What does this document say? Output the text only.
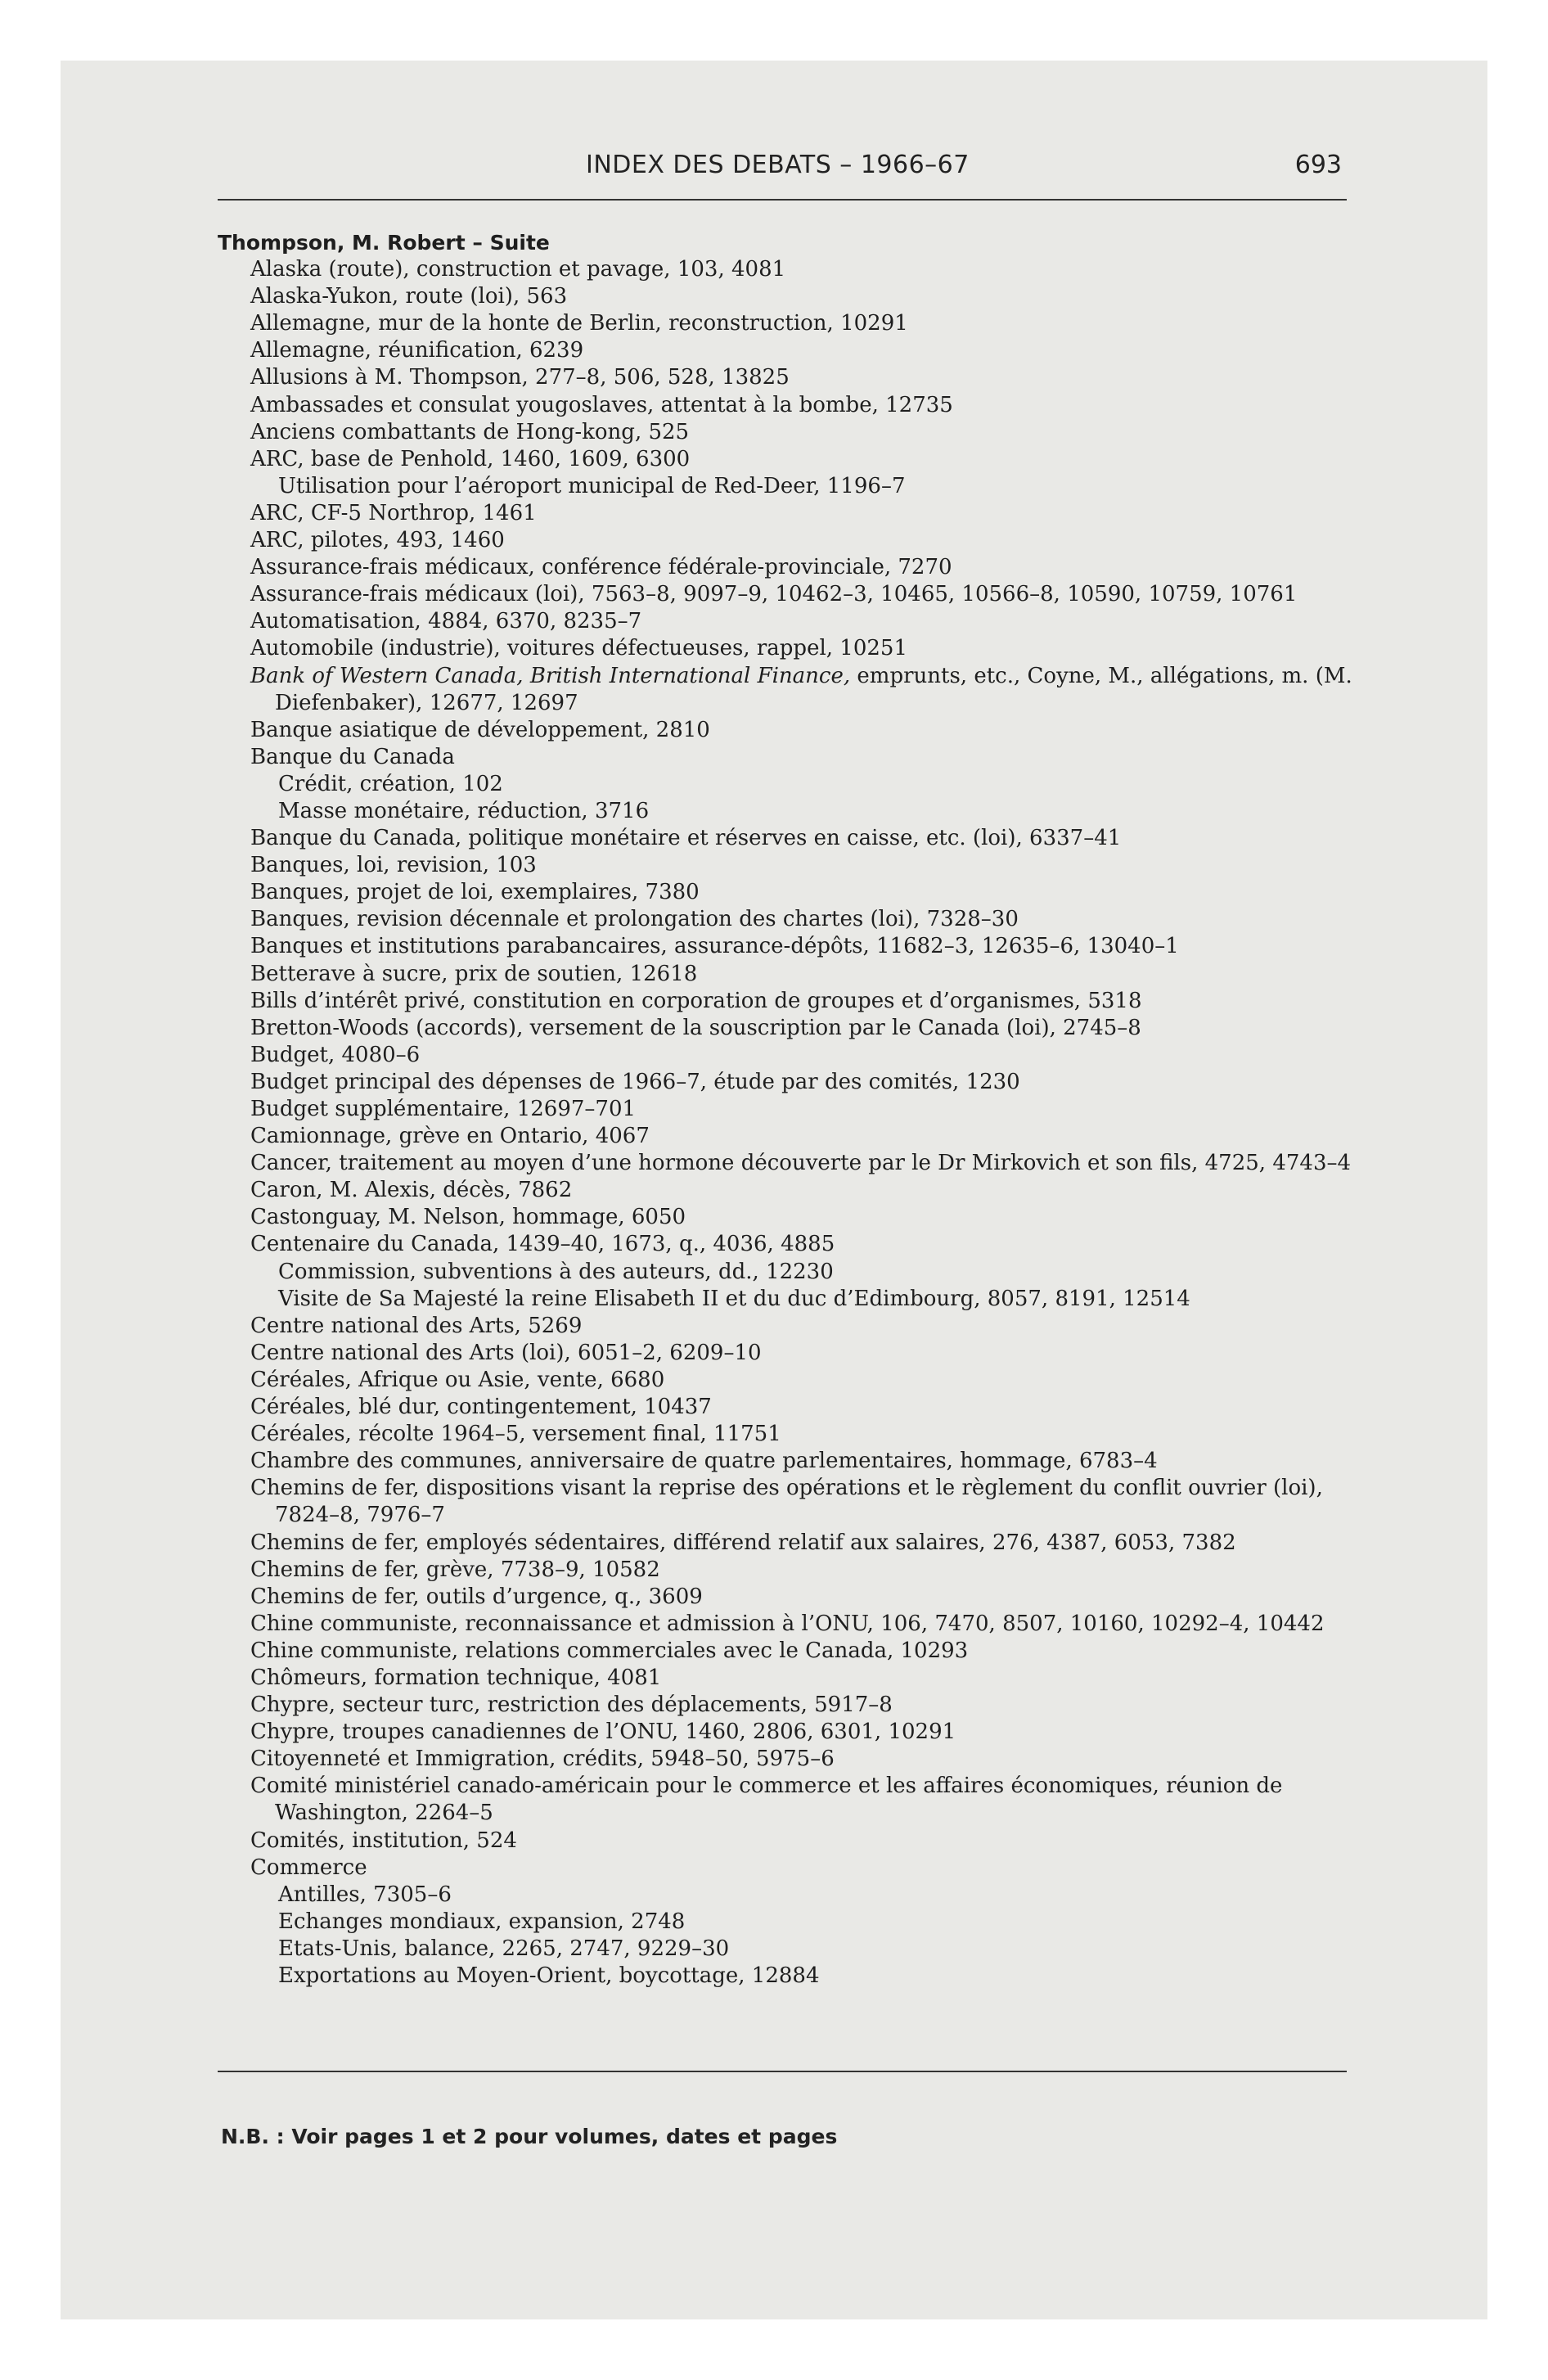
INDEX DES DEBATS – 1966–67	693
Thompson, M. Robert – Suite
Alaska (route), construction et pavage, 103, 4081
Alaska-Yukon, route (loi), 563
Allemagne, mur de la honte de Berlin, reconstruction, 10291
Allemagne, réunification, 6239
Allusions à M. Thompson, 277–8, 506, 528, 13825
Ambassades et consulat yougoslaves, attentat à la bombe, 12735
Anciens combattants de Hong-kong, 525
ARC, base de Penhold, 1460, 1609, 6300
Utilisation pour l’aéroport municipal de Red-Deer, 1196–7
ARC, CF-5 Northrop, 1461
ARC, pilotes, 493, 1460
Assurance-frais médicaux, conférence fédérale-provinciale, 7270
Assurance-frais médicaux (loi), 7563–8, 9097–9, 10462–3, 10465, 10566–8, 10590, 10759, 10761
Automatisation, 4884, 6370, 8235–7
Automobile (industrie), voitures défectueuses, rappel, 10251
Bank of Western Canada, British International Finance, emprunts, etc., Coyne, M., allégations, m. (M. Diefenbaker), 12677, 12697
Banque asiatique de développement, 2810
Banque du Canada
Crédit, création, 102
Masse monétaire, réduction, 3716
Banque du Canada, politique monétaire et réserves en caisse, etc. (loi), 6337–41
Banques, loi, revision, 103
Banques, projet de loi, exemplaires, 7380
Banques, revision décennale et prolongation des chartes (loi), 7328–30
Banques et institutions parabancaires, assurance-dépôts, 11682–3, 12635–6, 13040–1
Betterave à sucre, prix de soutien, 12618
Bills d’intérêt privé, constitution en corporation de groupes et d’organismes, 5318
Bretton-Woods (accords), versement de la souscription par le Canada (loi), 2745–8
Budget, 4080–6
Budget principal des dépenses de 1966–7, étude par des comités, 1230
Budget supplémentaire, 12697–701
Camionnage, grève en Ontario, 4067
Cancer, traitement au moyen d’une hormone découverte par le Dr Mirkovich et son fils, 4725, 4743–4
Caron, M. Alexis, décès, 7862
Castonguay, M. Nelson, hommage, 6050
Centenaire du Canada, 1439–40, 1673, q., 4036, 4885
Commission, subventions à des auteurs, dd., 12230
Visite de Sa Majesté la reine Elisabeth II et du duc d’Edimbourg, 8057, 8191, 12514
Centre national des Arts, 5269
Centre national des Arts (loi), 6051–2, 6209–10
Céréales, Afrique ou Asie, vente, 6680
Céréales, blé dur, contingentement, 10437
Céréales, récolte 1964–5, versement final, 11751
Chambre des communes, anniversaire de quatre parlementaires, hommage, 6783–4
Chemins de fer, dispositions visant la reprise des opérations et le règlement du conflit ouvrier (loi), 7824–8, 7976–7
Chemins de fer, employés sédentaires, différend relatif aux salaires, 276, 4387, 6053, 7382
Chemins de fer, grève, 7738–9, 10582
Chemins de fer, outils d’urgence, q., 3609
Chine communiste, reconnaissance et admission à l’ONU, 106, 7470, 8507, 10160, 10292–4, 10442
Chine communiste, relations commerciales avec le Canada, 10293
Chômeurs, formation technique, 4081
Chypre, secteur turc, restriction des déplacements, 5917–8
Chypre, troupes canadiennes de l’ONU, 1460, 2806, 6301, 10291
Citoyenneté et Immigration, crédits, 5948–50, 5975–6
Comité ministériel canado-américain pour le commerce et les affaires économiques, réunion de Washington, 2264–5
Comités, institution, 524
Commerce
Antilles, 7305–6
Echanges mondiaux, expansion, 2748
Etats-Unis, balance, 2265, 2747, 9229–30
Exportations au Moyen-Orient, boycottage, 12884
N.B. : Voir pages 1 et 2 pour volumes, dates et pages
